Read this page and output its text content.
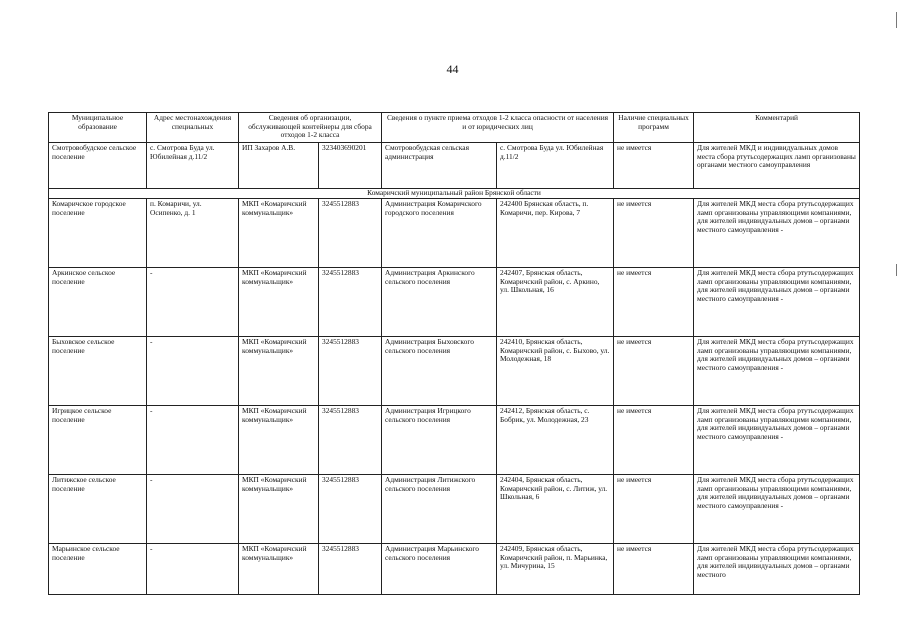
44
Муниципальное образование	Адрес местонахождения специальных	Сведения об организации, обслуживающей контейнеры для сбора отходов 1-2 класса		Сведения о пункте приема отходов 1-2 класса опасности от населения и от юридических лиц		Наличие специальных программ	Комментарий
Смотровобудское сельское поселение	с. Смотрова Буда ул. Юбилейная д.11/2	ИП Захаров А.В.	323403690201	Смотровобудская сельская администрация	с. Смотрова Буда ул. Юбилейная д.11/2	не имеется	Для жителей МКД и индивидуальных домов места сбора ртутьсодержащих ламп организованы органами местного самоуправления
Комаричский муниципальный район Брянской области							
Комаричское городское поселение	п. Комаричи, ул. Осипенко, д. 1	МКП «Комаричский коммунальщик»	3245512883	Администрация Комаричского городского поселения	242400 Брянская область, п. Комаричи, пер. Кирова, 7	не имеется	Для жителей МКД места сбора ртутьсодержащих ламп организованы управляющими компаниями, для жителей индивидуальных домов – органами местного самоуправления -
Аркинское сельское поселение	-	МКП «Комаричский коммунальщик»	3245512883	Администрация Аркинского сельского поселения	242407, Брянская область, Комаричский район, с. Аркино, ул. Школьная, 16	не имеется	Для жителей МКД места сбора ртутьсодержащих ламп организованы управляющими компаниями, для жителей индивидуальных домов – органами местного самоуправления -
Быховское сельское поселение	-	МКП «Комаричский коммунальщик»	3245512883	Администрация Быховского сельского поселения	242410, Брянская область, Комаричский район, с. Быхово, ул. Молодежная, 18	не имеется	Для жителей МКД места сбора ртутьсодержащих ламп организованы управляющими компаниями, для жителей индивидуальных домов – органами местного самоуправления -
Игрицкое сельское поселение	-	МКП «Комаричский коммунальщик»	3245512883	Администрация Игрицкого сельского поселения	242412, Брянская область, с. Бобрик, ул. Молодежная, 23	не имеется	Для жителей МКД места сбора ртутьсодержащих ламп организованы управляющими компаниями, для жителей индивидуальных домов – органами местного самоуправления -
Литижское сельское поселение	-	МКП «Комаричский коммунальщик»	3245512883	Администрация Литижского сельского поселения	242404, Брянская область, Комаричский район, с. Литиж, ул. Школьная, 6	не имеется	Для жителей МКД места сбора ртутьсодержащих ламп организованы управляющими компаниями, для жителей индивидуальных домов – органами местного самоуправления -
Марьинское сельское поселение	-	МКП «Комаричский коммунальщик»	3245512883	Администрация Марьинского сельского поселения	242409, Брянская область, Комаричский район, п. Марьинка, ул. Мичурина, 15	не имеется	Для жителей МКД места сбора ртутьсодержащих ламп организованы управляющими компаниями, для жителей индивидуальных домов – органами местного
